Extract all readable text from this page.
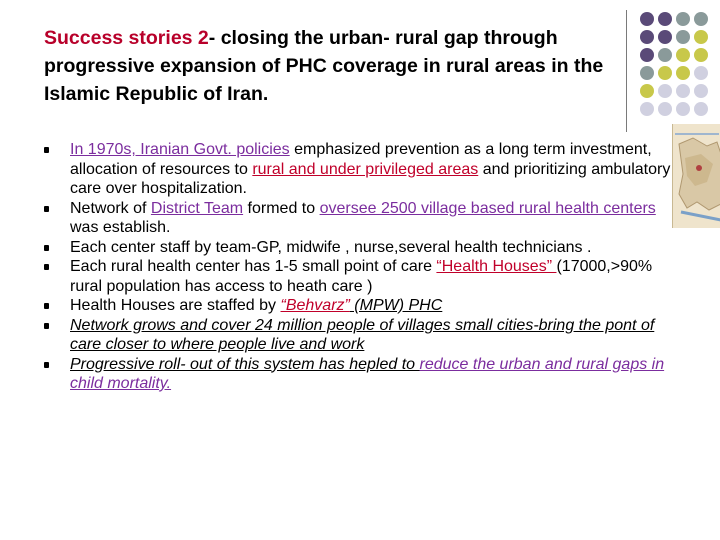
Success stories 2- closing the urban- rural gap through progressive expansion of PHC coverage in rural areas in the Islamic Republic of Iran.
In 1970s, Iranian Govt. policies emphasized prevention as a long term investment, allocation of resources to rural and under privileged areas and prioritizing ambulatory care over hospitalization.
Network of District Team formed to oversee 2500 village based rural health centers was establish.
Each center staff by team-GP, midwife , nurse,several health technicians .
Each rural health center has 1-5 small point of care “Health Houses” (17000,>90% rural population has access to heath care )
Health Houses are staffed by “Behvarz” (MPW) PHC
Network grows and cover 24 million people of villages small cities-bring the pont of care closer to where people live and work
Progressive roll- out of this system has hepled to reduce the urban and rural gaps in child mortality.
